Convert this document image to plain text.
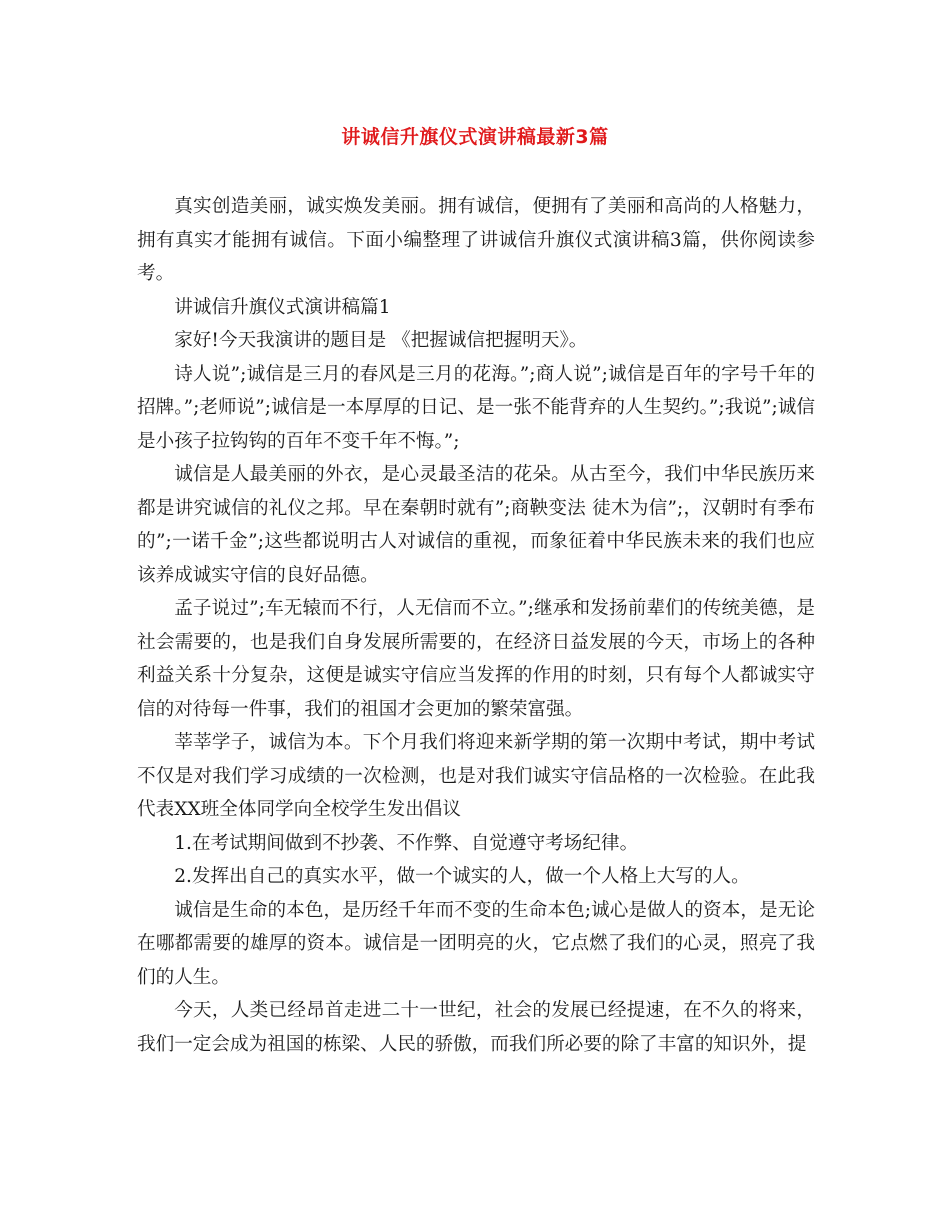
讲诚信升旗仪式演讲稿最新3篇

真实创造美丽，诚实焕发美丽。拥有诚信，便拥有了美丽和高尚的人格魅力，拥有真实才能拥有诚信。下面小编整理了讲诚信升旗仪式演讲稿3篇，供你阅读参考。

讲诚信升旗仪式演讲稿篇1

家好!今天我演讲的题目是 《把握诚信把握明天》。

诗人说”;诚信是三月的春风是三月的花海。”;商人说”;诚信是百年的字号千年的招牌。”;老师说”;诚信是一本厚厚的日记、是一张不能背弃的人生契约。”;我说”;诚信是小孩子拉钩钩的百年不变千年不悔。”;

诚信是人最美丽的外衣，是心灵最圣洁的花朵。从古至今，我们中华民族历来都是讲究诚信的礼仪之邦。早在秦朝时就有”;商鞅变法 徒木为信”;，汉朝时有季布的”;一诺千金”;这些都说明古人对诚信的重视，而象征着中华民族未来的我们也应该养成诚实守信的良好品德。

孟子说过”;车无辕而不行，人无信而不立。”;继承和发扬前辈们的传统美德，是社会需要的，也是我们自身发展所需要的，在经济日益发展的今天，市场上的各种利益关系十分复杂，这便是诚实守信应当发挥的作用的时刻，只有每个人都诚实守信的对待每一件事，我们的祖国才会更加的繁荣富强。

莘莘学子，诚信为本。下个月我们将迎来新学期的第一次期中考试，期中考试不仅是对我们学习成绩的一次检测，也是对我们诚实守信品格的一次检验。在此我代表XX班全体同学向全校学生发出倡议

1.在考试期间做到不抄袭、不作弊、自觉遵守考场纪律。

2.发挥出自己的真实水平，做一个诚实的人，做一个人格上大写的人。

诚信是生命的本色，是历经千年而不变的生命本色;诚心是做人的资本，是无论在哪都需要的雄厚的资本。诚信是一团明亮的火，它点燃了我们的心灵，照亮了我们的人生。

今天，人类已经昂首走进二十一世纪，社会的发展已经提速，在不久的将来，我们一定会成为祖国的栋梁、人民的骄傲，而我们所必要的除了丰富的知识外，提
